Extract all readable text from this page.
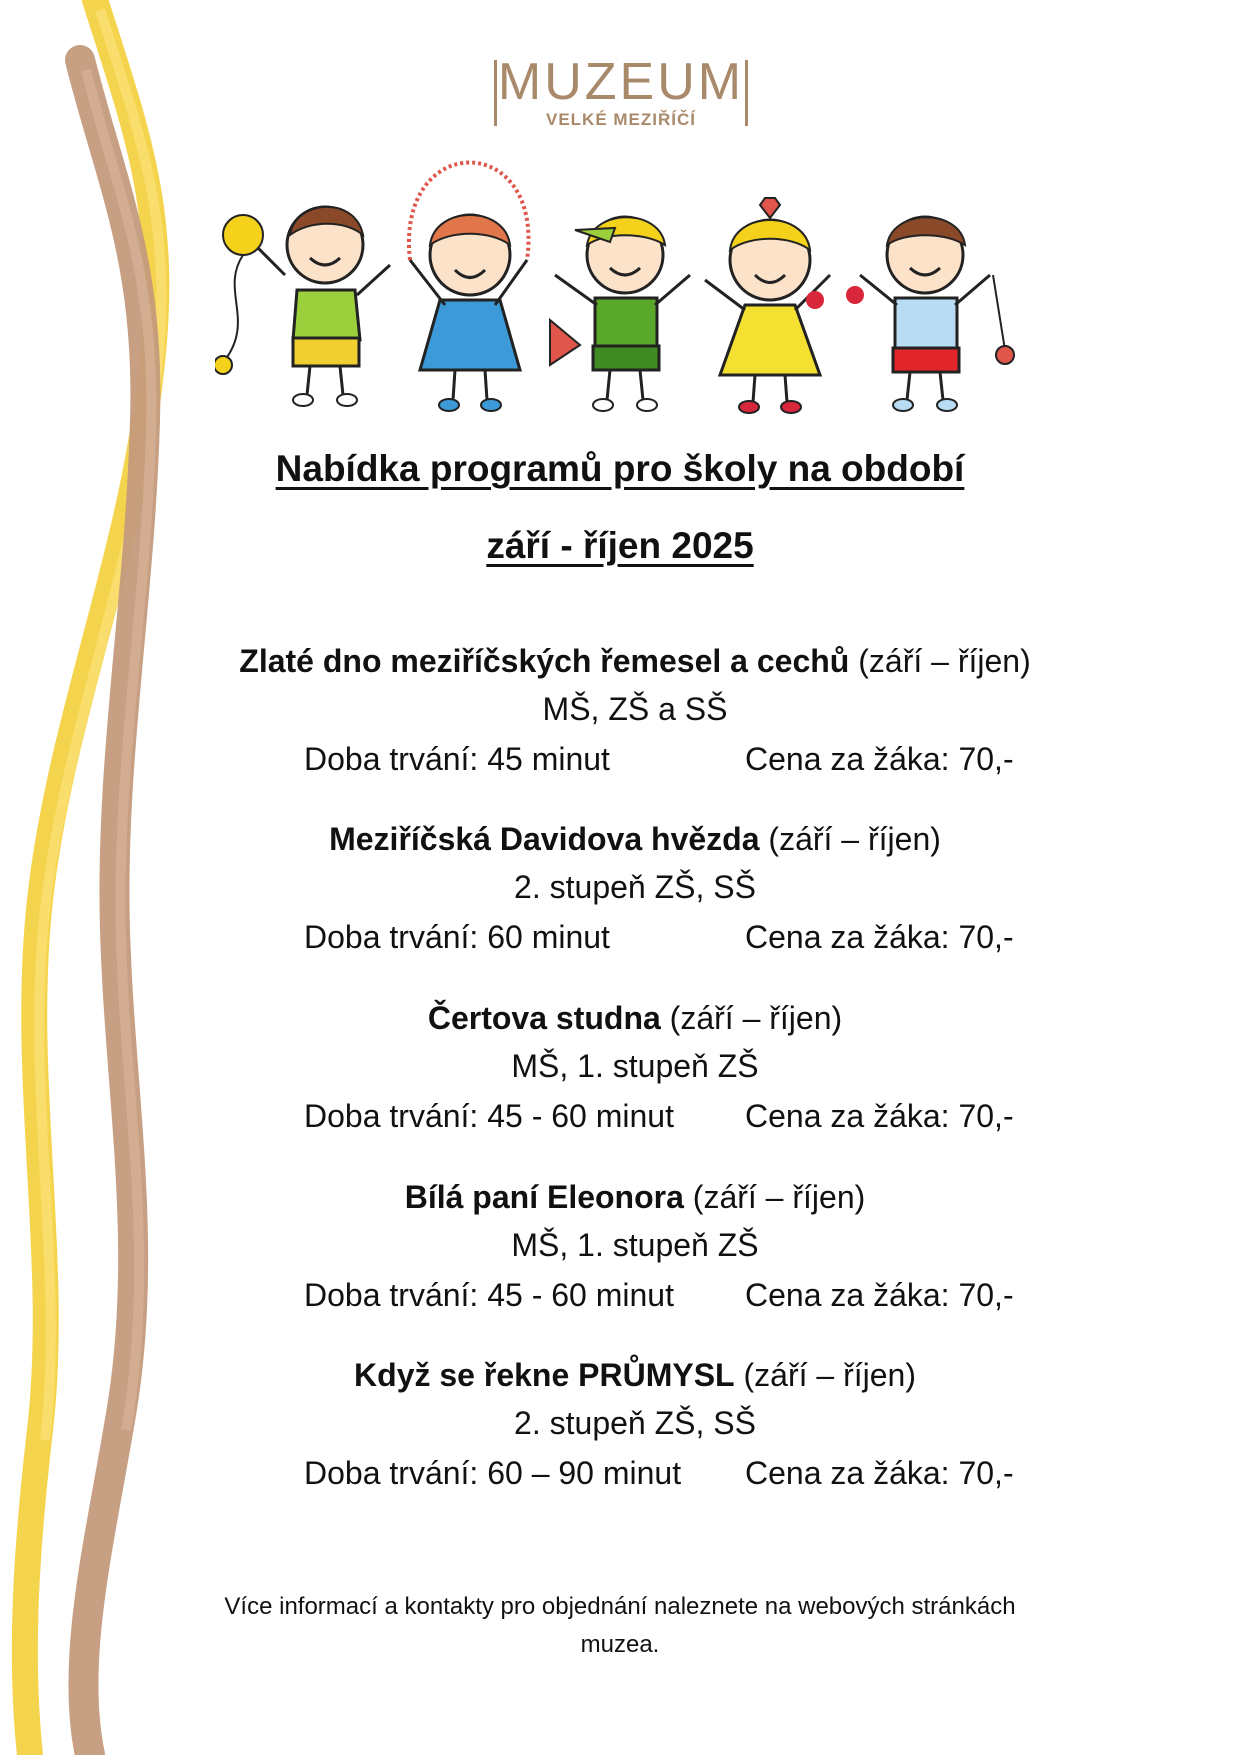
MUZEUM
VELKÉ MEZIŘÍČÍ
Nabídka programů pro školy na období
září - říjen 2025
Zlaté dno meziříčských řemesel a cechů (září – říjen)
MŠ, ZŠ a SŠ
Doba trvání: 45 minut	Cena za žáka: 70,-
Meziříčská Davidova hvězda (září – říjen)
2. stupeň ZŠ, SŠ
Doba trvání: 60 minut	Cena za žáka: 70,-
Čertova studna (září – říjen)
MŠ, 1. stupeň ZŠ
Doba trvání: 45 - 60 minut Cena za žáka: 70,-
Bílá paní Eleonora (září – říjen)
MŠ, 1. stupeň ZŠ
Doba trvání: 45 - 60 minut Cena za žáka: 70,-
Když se řekne PRŮMYSL (září – říjen)
2. stupeň ZŠ, SŠ
Doba trvání: 60 – 90 minut Cena za žáka: 70,-
Více informací a kontakty pro objednání naleznete na webových stránkách
muzea.
